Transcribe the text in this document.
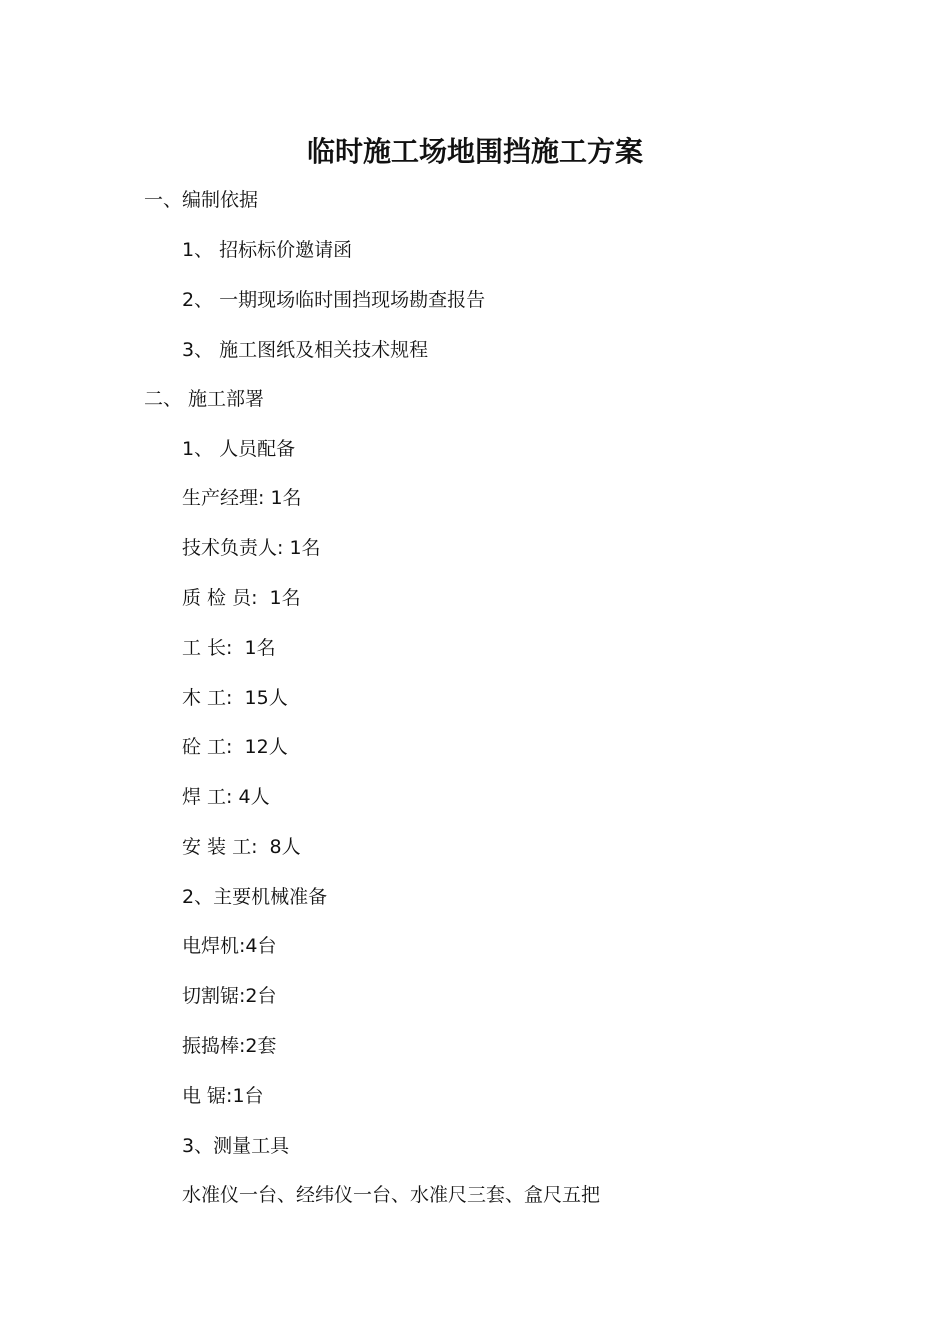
临时施工场地围挡施工方案
一、编制依据
1、 招标标价邀请函
2、 一期现场临时围挡现场勘查报告
3、 施工图纸及相关技术规程
二、 施工部署
1、 人员配备
生产经理: 1名
技术负责人: 1名
质 检 员:  1名
工 长:  1名
木 工:  15人
砼 工:  12人
焊 工: 4人
安 装 工:  8人
2、主要机械准备
电焊机:4台
切割锯:2台
振捣棒:2套
电 锯:1台
3、测量工具
水准仪一台、经纬仪一台、水准尺三套、盒尺五把
